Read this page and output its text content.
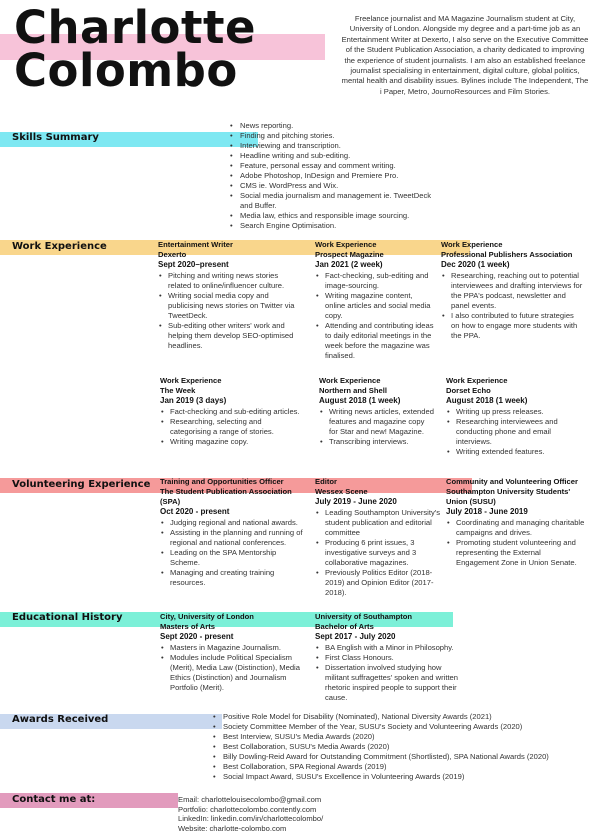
Charlotte
Colombo
Freelance journalist and MA Magazine Journalism student at City, University of London. Alongside my degree and a part-time job as an Entertainment Writer at Dexerto, I also serve on the Executive Committee of the Student Publication Association, a charity dedicated to improving the experience of student journalists. I am also an established freelance journalist specialising in entertainment, digital culture, global politics, mental health and disability issues. Bylines include The Independent, The i Paper, Metro, JournoResources and Film Stories.
Skills Summary
• News reporting.
• Finding and pitching stories.
• Interviewing and transcription.
• Headline writing and sub-editing.
• Feature, personal essay and comment writing.
• Adobe Photoshop, InDesign and Premiere Pro.
• CMS ie. WordPress and Wix.
• Social media journalism and management ie. TweetDeck and Buffer.
• Media law, ethics and responsible image sourcing.
• Search Engine Optimisation.
Work Experience	Entertainment Writer
Dexerto
Sept 2020–present
• Pitching and writing news stories related to online/influencer culture.
• Writing social media copy and publicising news stories on Twitter via TweetDeck.
• Sub-editing other writers' work and helping them develop SEO-optimised headlines.
Work Experience
Prospect Magazine
Jan 2021 (2 week)
• Fact-checking, sub-editing and image-sourcing.
• Writing magazine content, online articles and social media copy.
• Attending and contributing ideas to daily editorial meetings in the week before the magazine was finalised.
Work Experience
Professional Publishers Association
Dec 2020 (1 week)
• Researching, reaching out to potential interviewees and drafting interviews for the PPA's podcast, newsletter and panel events.
• I also contributed to future strategies on how to engage more students with the PPA.
Work Experience
The Week
Jan 2019 (3 days)
• Fact-checking and sub-editing articles.
• Researching, selecting and categorising a range of stories.
• Writing magazine copy.
Work Experience
Northern and Shell
August 2018 (1 week)
• Writing news articles, extended features and magazine copy for Star and new! Magazine.
• Transcribing interviews.
Work Experience
Dorset Echo
August 2018 (1 week)
• Writing up press releases.
• Researching interviewees and conducting phone and email interviews.
• Writing extended features.
Volunteering Experience Training and Opportunities Officer
The Student Publication Association (SPA)
Oct 2020 - present
• Judging regional and national awards.
• Assisting in the planning and running of regional and national conferences.
• Leading on the SPA Mentorship Scheme.
• Managing and creating training resources.
Editor
Wessex Scene
July 2019 - June 2020
• Leading Southampton University's student publication and editorial committee
• Producing 6 print issues, 3 investigative surveys and 3 collaborative magazines.
• Previously Politics Editor (2018-2019) and Opinion Editor (2017-2018).
Community and Volunteering Officer
Southampton University Students' Union (SUSU)
July 2018 - June 2019
• Coordinating and managing charitable campaigns and drives.
• Promoting student volunteering and representing the External Engagement Zone in Union Senate.
Educational History	City, University of London
Masters of Arts
Sept 2020 - present
• Masters in Magazine Journalism.
• Modules include Political Specialism (Merit), Media Law (Distinction), Media Ethics (Distinction) and Journalism Portfolio (Merit).
University of Southampton
Bachelor of Arts
Sept 2017 - July 2020
• BA English with a Minor in Philosophy.
• First Class Honours.
• Dissertation involved studying how militant suffragettes' spoken and written rhetoric inspired people to support their cause.
Awards Received
•	Positive Role Model for Disability (Nominated), National Diversity Awards (2021)
• Society Committee Member of the Year, SUSU's Society and Volunteering Awards (2020)
• Best Interview, SUSU's Media Awards (2020)
• Best Collaboration, SUSU's Media Awards (2020)
• Billy Dowling-Reid Award for Outstanding Commitment (Shortlisted), SPA National Awards (2020)
• Best Collaboration, SPA Regional Awards (2019)
• Social Impact Award, SUSU's Excellence in Volunteering Awards (2019)
Contact me at:	Email: charlottelouisecolombo@gmail.com
Portfolio: charlottecolombo.contently.com
LinkedIn: linkedin.com/in/charlottecolombo/
Website: charlotte-colombo.com
